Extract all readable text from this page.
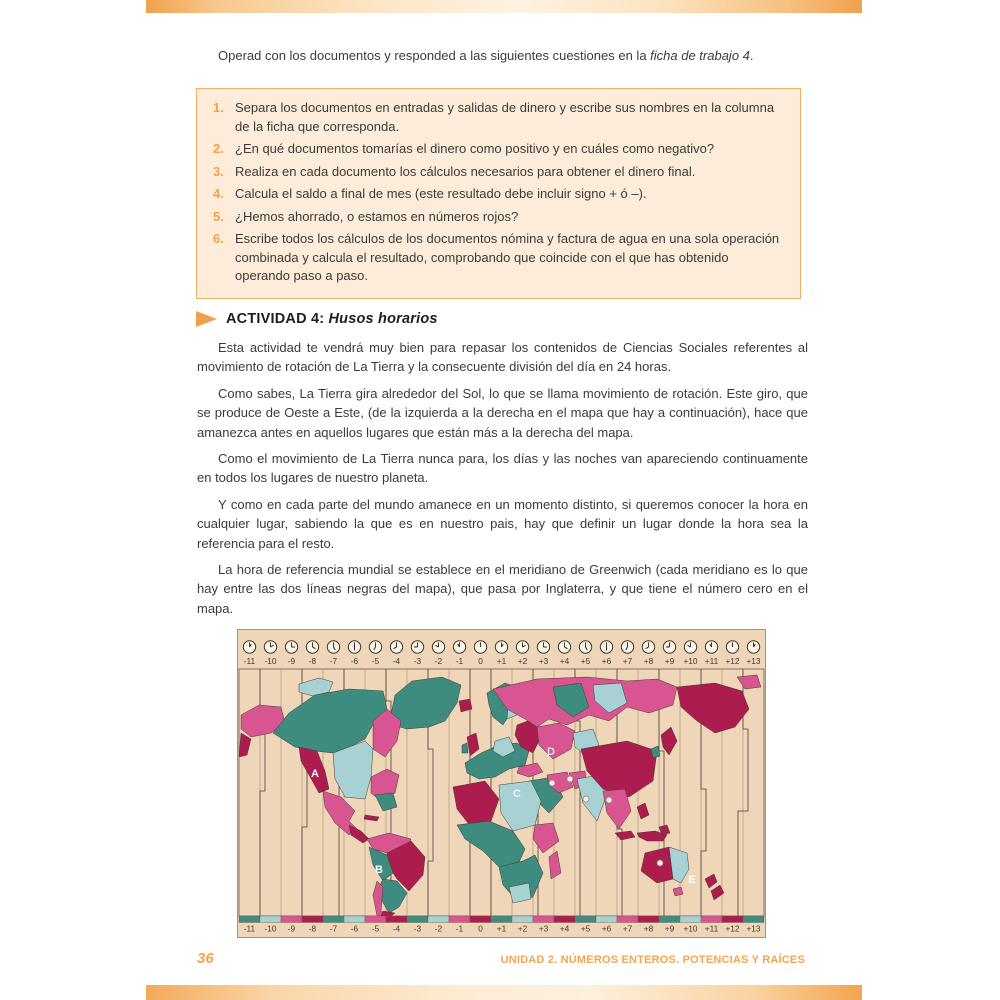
Operad con los documentos y responded a las siguientes cuestiones en la ficha de trabajo 4.

1. Separa los documentos en entradas y salidas de dinero y escribe sus nombres en la columna de la ficha que corresponda.
2. ¿En qué documentos tomarías el dinero como positivo y en cuáles como negativo?
3. Realiza en cada documento los cálculos necesarios para obtener el dinero final.
4. Calcula el saldo a final de mes (este resultado debe incluir signo + ó –).
5. ¿Hemos ahorrado, o estamos en números rojos?
6. Escribe todos los cálculos de los documentos nómina y factura de agua en una sola operación combinada y calcula el resultado, comprobando que coincide con el que has obtenido operando paso a paso.
ACTIVIDAD 4: Husos horarios

Esta actividad te vendrá muy bien para repasar los contenidos de Ciencias Sociales referentes al movimiento de rotación de La Tierra y la consecuente división del día en 24 horas.

Como sabes, La Tierra gira alrededor del Sol, lo que se llama movimiento de rotación. Este giro, que se produce de Oeste a Este, (de la izquierda a la derecha en el mapa que hay a continuación), hace que amanezca antes en aquellos lugares que están más a la derecha del mapa.

Como el movimiento de La Tierra nunca para, los días y las noches van apareciendo continuamente en todos los lugares de nuestro planeta.

Y como en cada parte del mundo amanece en un momento distinto, si queremos conocer la hora en cualquier lugar, sabiendo la que es en nuestro pais, hay que definir un lugar donde la hora sea la referencia para el resto.

La hora de referencia mundial se establece en el meridiano de Greenwich (cada meridiano es lo que hay entre las dos líneas negras del mapa), que pasa por Inglaterra, y que tiene el número cero en el mapa.

A
B
C
D
E
-11 -10 -9 -8 -7 -6 -5 -4 -3 -2 -1 0 +1 +2 +3 +4 +5 +6 +7 +8 +9 +10 +11 +12 +13
-11 -10 -9 -8 -7 -6 -5 -4 -3 -2 -1 0 +1 +2 +3 +4 +5 +6 +7 +8 +9 +10 +11 +12 +13
36	UNIDAD 2. NÚMEROS ENTEROS. POTENCIAS Y RAÍCES
